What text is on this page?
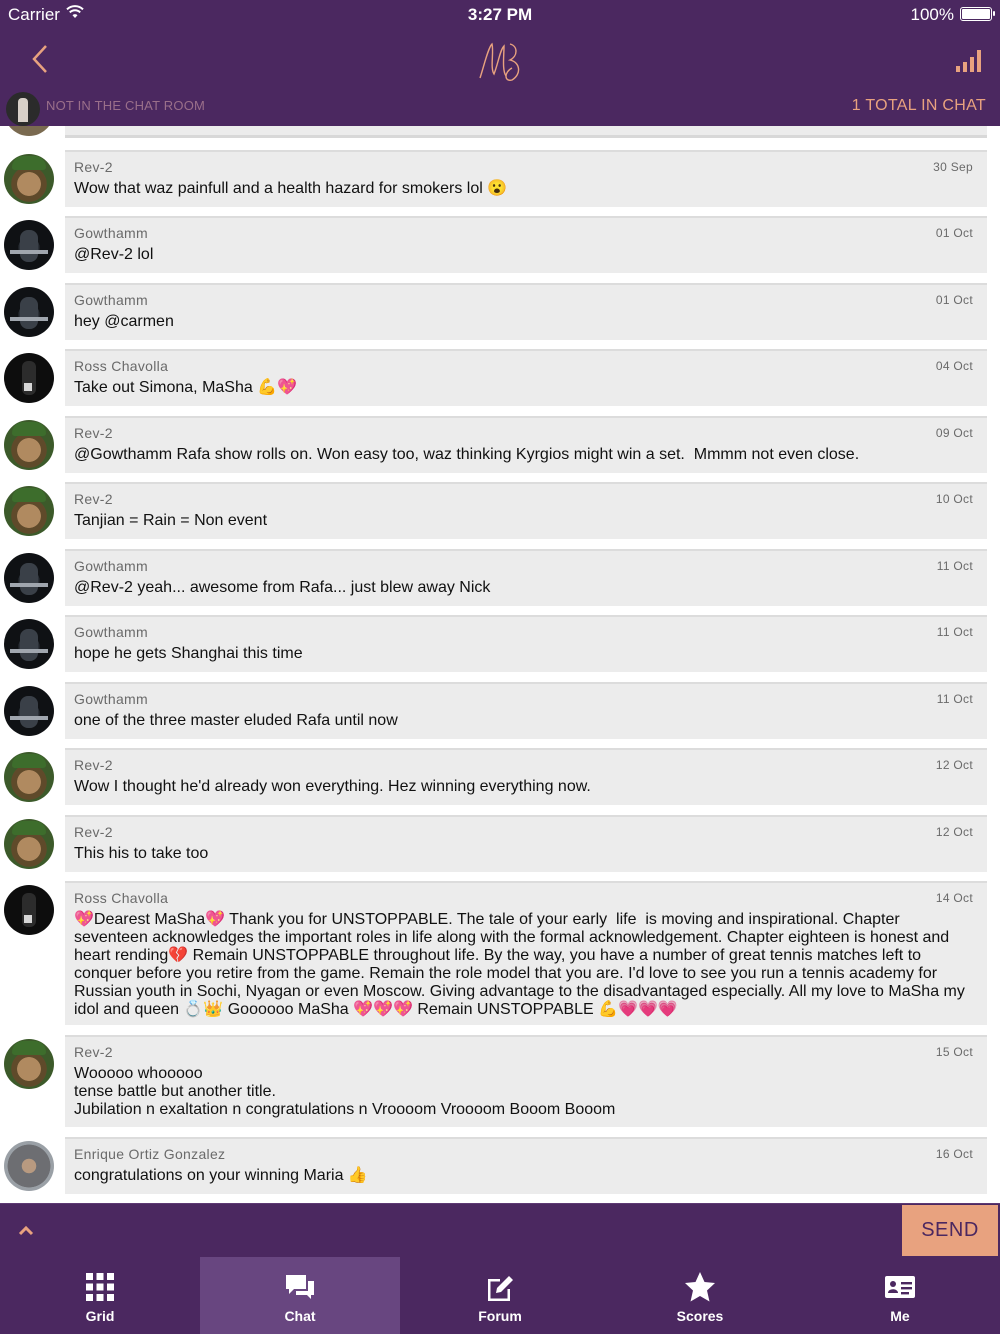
Carrier	3:27 PM	100%
NOT IN THE CHAT ROOM	1 TOTAL IN CHAT
Rev-2	30 Sep
Wow that waz painfull and a health hazard for smokers lol 😮
Gowthamm	01 Oct
@Rev-2 lol
Gowthamm	01 Oct
hey @carmen
Ross Chavolla	04 Oct
Take out Simona, MaSha 💪💖
Rev-2	09 Oct
@Gowthamm Rafa show rolls on. Won easy too, waz thinking Kyrgios might win a set.  Mmmm not even close.
Rev-2	10 Oct
Tanjian = Rain = Non event
Gowthamm	11 Oct
@Rev-2 yeah... awesome from Rafa... just blew away Nick
Gowthamm	11 Oct
hope he gets Shanghai this time
Gowthamm	11 Oct
one of the three master eluded Rafa until now
Rev-2	12 Oct
Wow I thought he'd already won everything. Hez winning everything now.
Rev-2	12 Oct
This his to take too
Ross Chavolla	14 Oct
💖Dearest MaSha💖 Thank you for UNSTOPPABLE. The tale of your early  life  is moving and inspirational. Chapter seventeen acknowledges the important roles in life along with the formal acknowledgement. Chapter eighteen is honest and heart rending💔 Remain UNSTOPPABLE throughout life. By the way, you have a number of great tennis matches left to conquer before you retire from the game. Remain the role model that you are. I'd love to see you run a tennis academy for Russian youth in Sochi, Nyagan or even Moscow. Giving advantage to the disadvantaged especially. All my love to MaSha my idol and queen 💍👑 Goooooo MaSha 💖💖💖 Remain UNSTOPPABLE 💪💗💗💗
Rev-2	15 Oct
Wooooo whooooo
tense battle but another title.
Jubilation n exaltation n congratulations n Vroooom Vroooom Booom Booom
Enrique Ortiz Gonzalez	16 Oct
congratulations on your winning Maria 👍
SEND
Grid	Chat	Forum	Scores	Me
